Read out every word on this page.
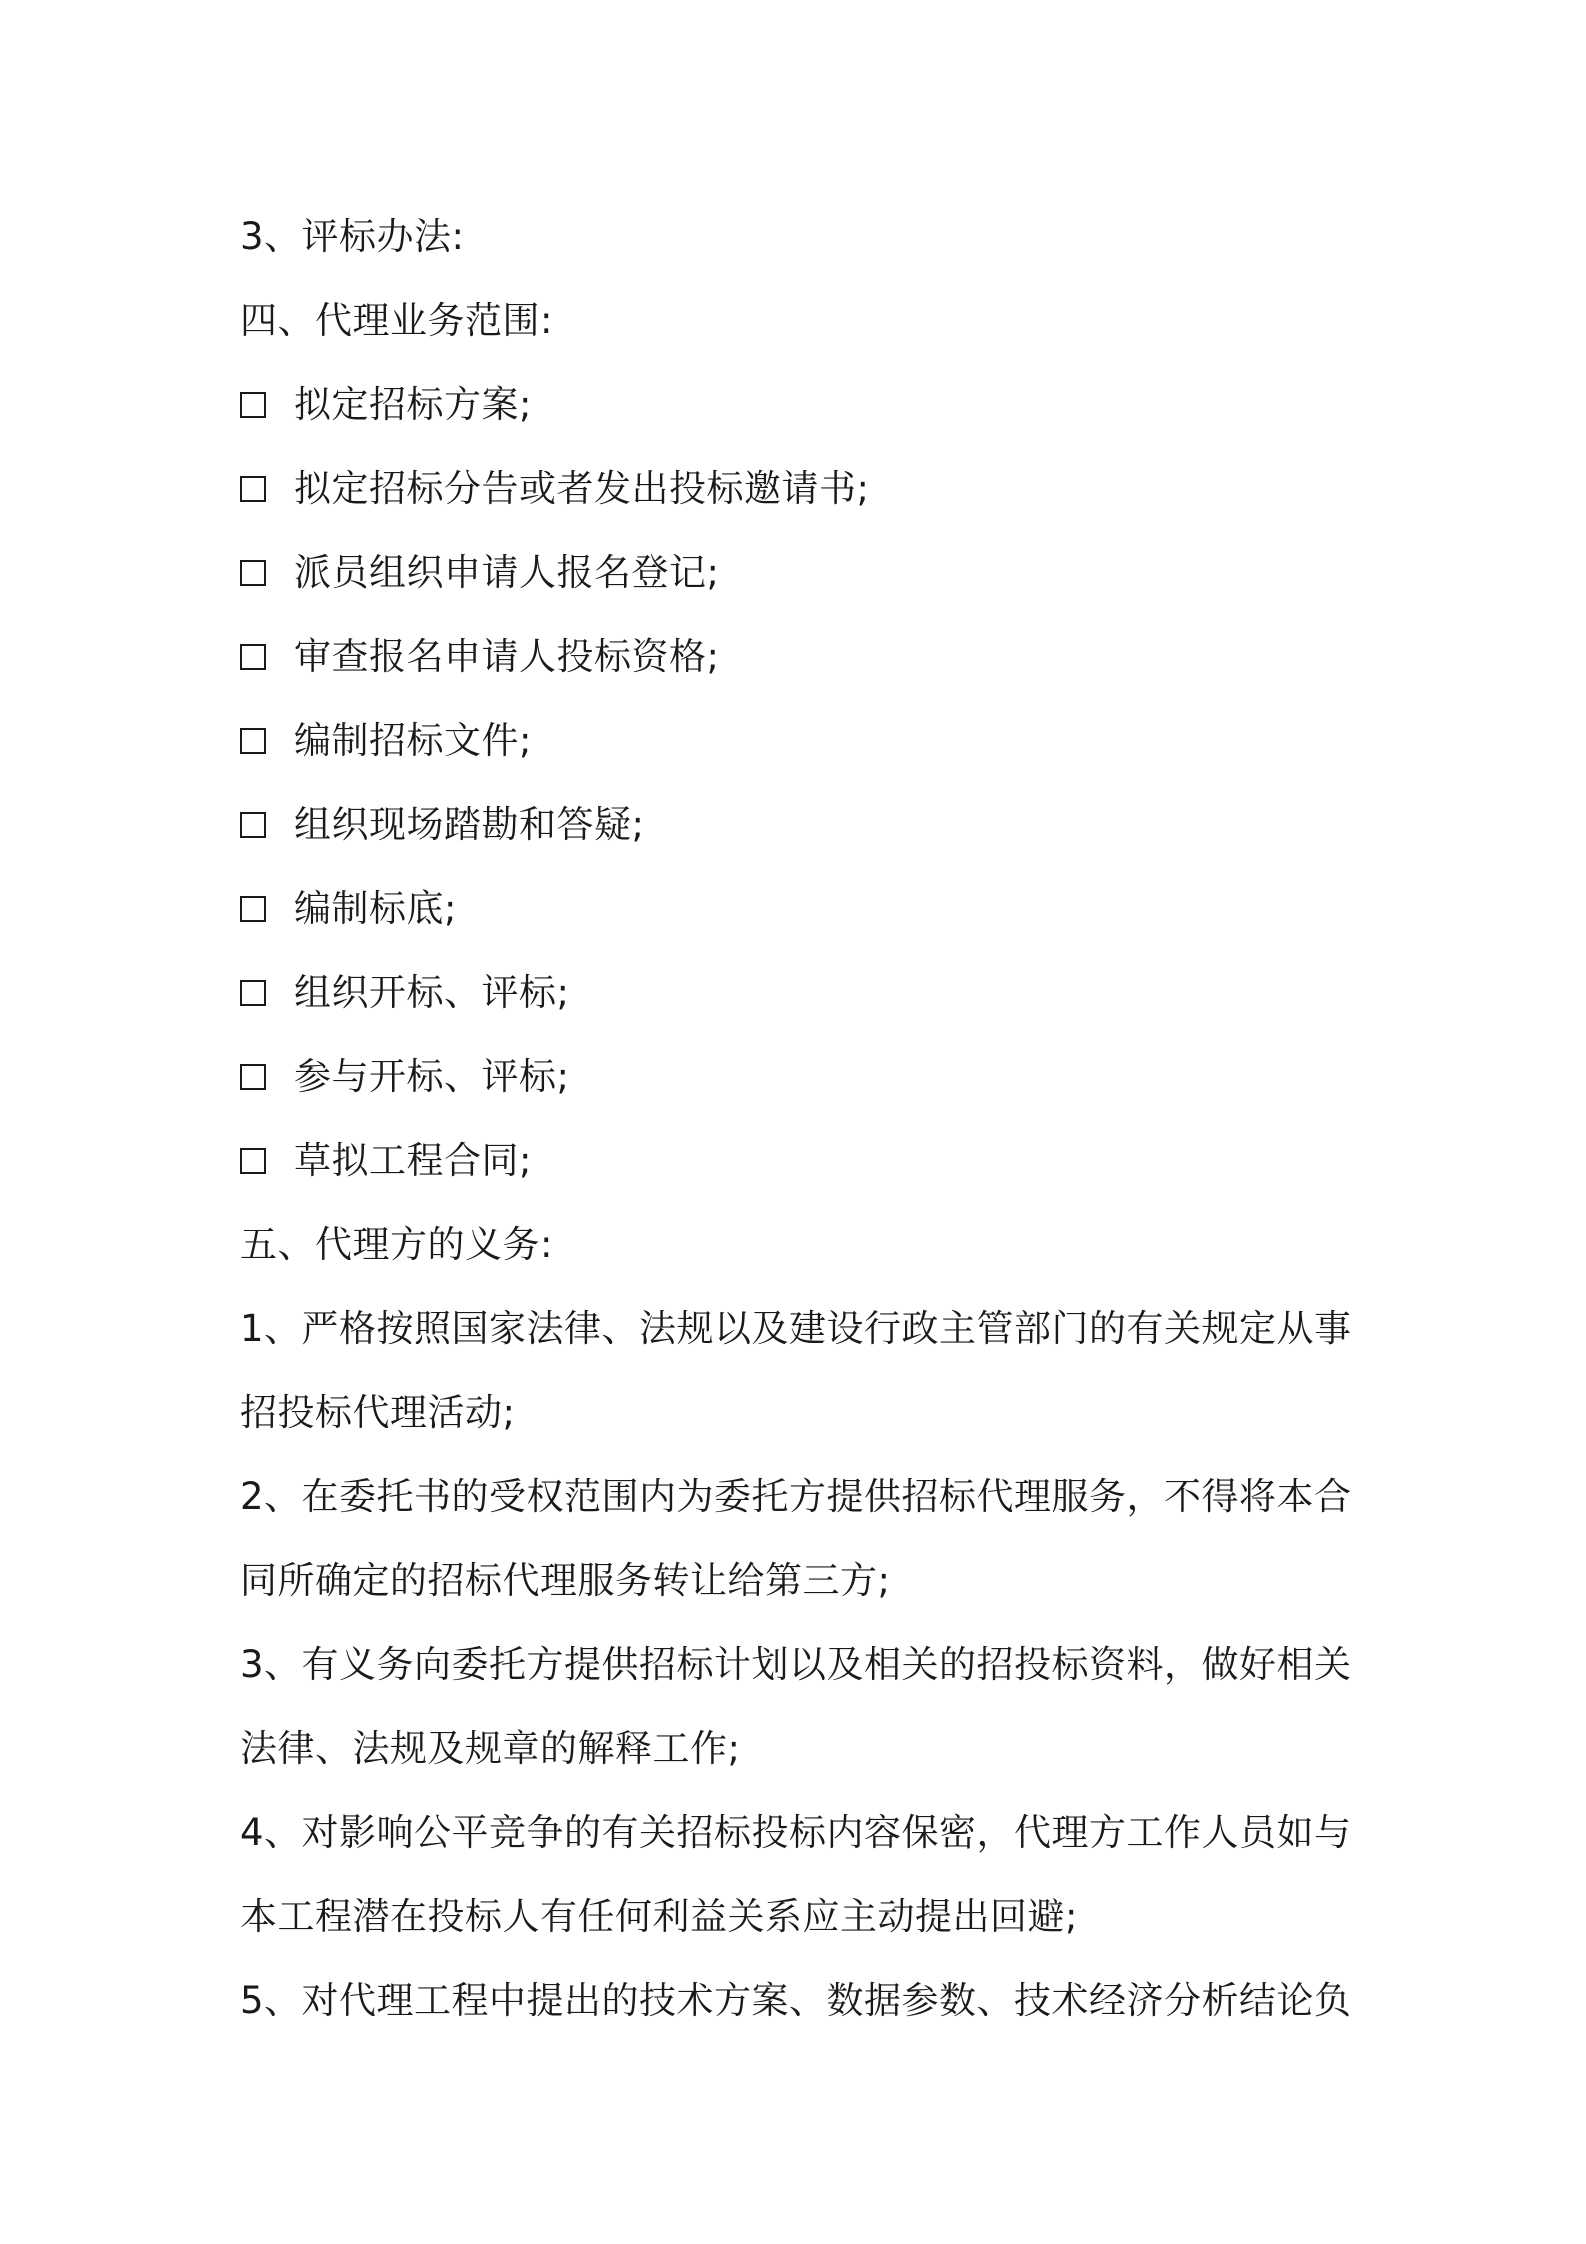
3、评标办法:
四、代理业务范围:
拟定招标方案;
拟定招标分告或者发出投标邀请书;
派员组织申请人报名登记;
审查报名申请人投标资格;
编制招标文件;
组织现场踏勘和答疑;
编制标底;
组织开标、评标;
参与开标、评标;
草拟工程合同;
五、代理方的义务:
1、严格按照国家法律、法规以及建设行政主管部门的有关规定从事
招投标代理活动;
2、在委托书的受权范围内为委托方提供招标代理服务，不得将本合
同所确定的招标代理服务转让给第三方;
3、有义务向委托方提供招标计划以及相关的招投标资料，做好相关
法律、法规及规章的解释工作;
4、对影响公平竞争的有关招标投标内容保密，代理方工作人员如与
本工程潜在投标人有任何利益关系应主动提出回避;
5、对代理工程中提出的技术方案、数据参数、技术经济分析结论负
